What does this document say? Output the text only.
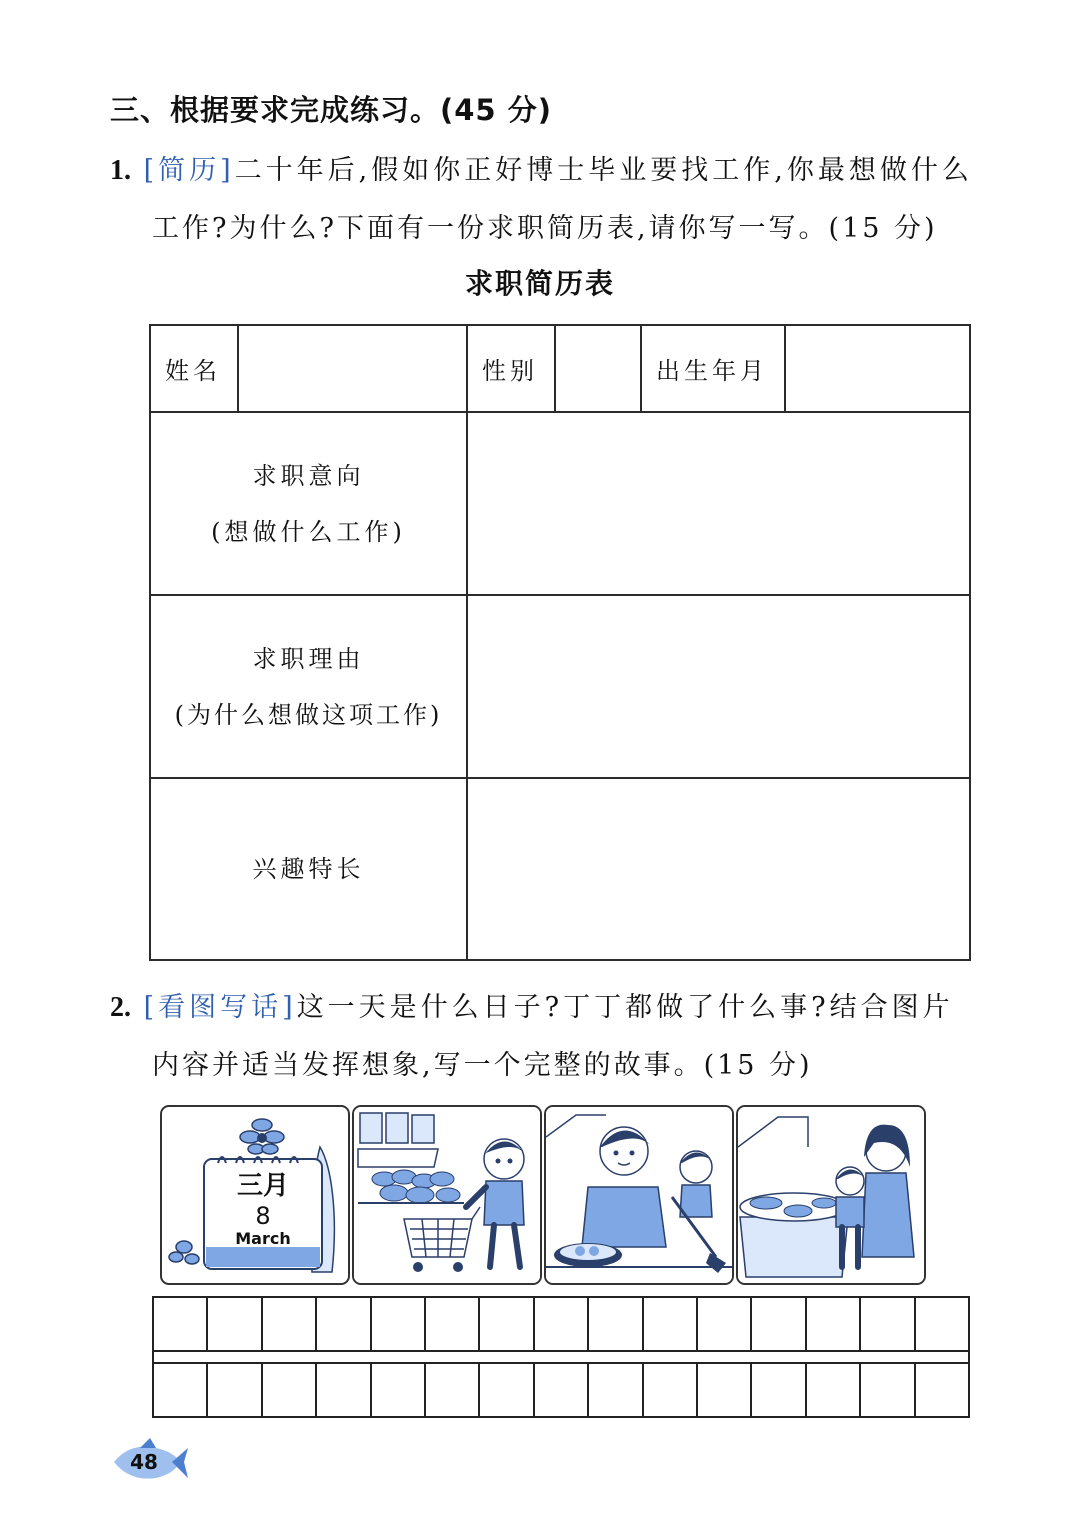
三、根据要求完成练习。(45 分)
1. [简历]二十年后,假如你正好博士毕业要找工作,你最想做什么
工作?为什么?下面有一份求职简历表,请你写一写。(15 分)
求职简历表
姓名		性别		出生年月	

求职意向
(想做什么工作)					

求职理由
(为什么想做这项工作)					

兴趣特长					
2. [看图写话]这一天是什么日子?丁丁都做了什么事?结合图片
内容并适当发挥想象,写一个完整的故事。(15 分)
三月
8
March
48
